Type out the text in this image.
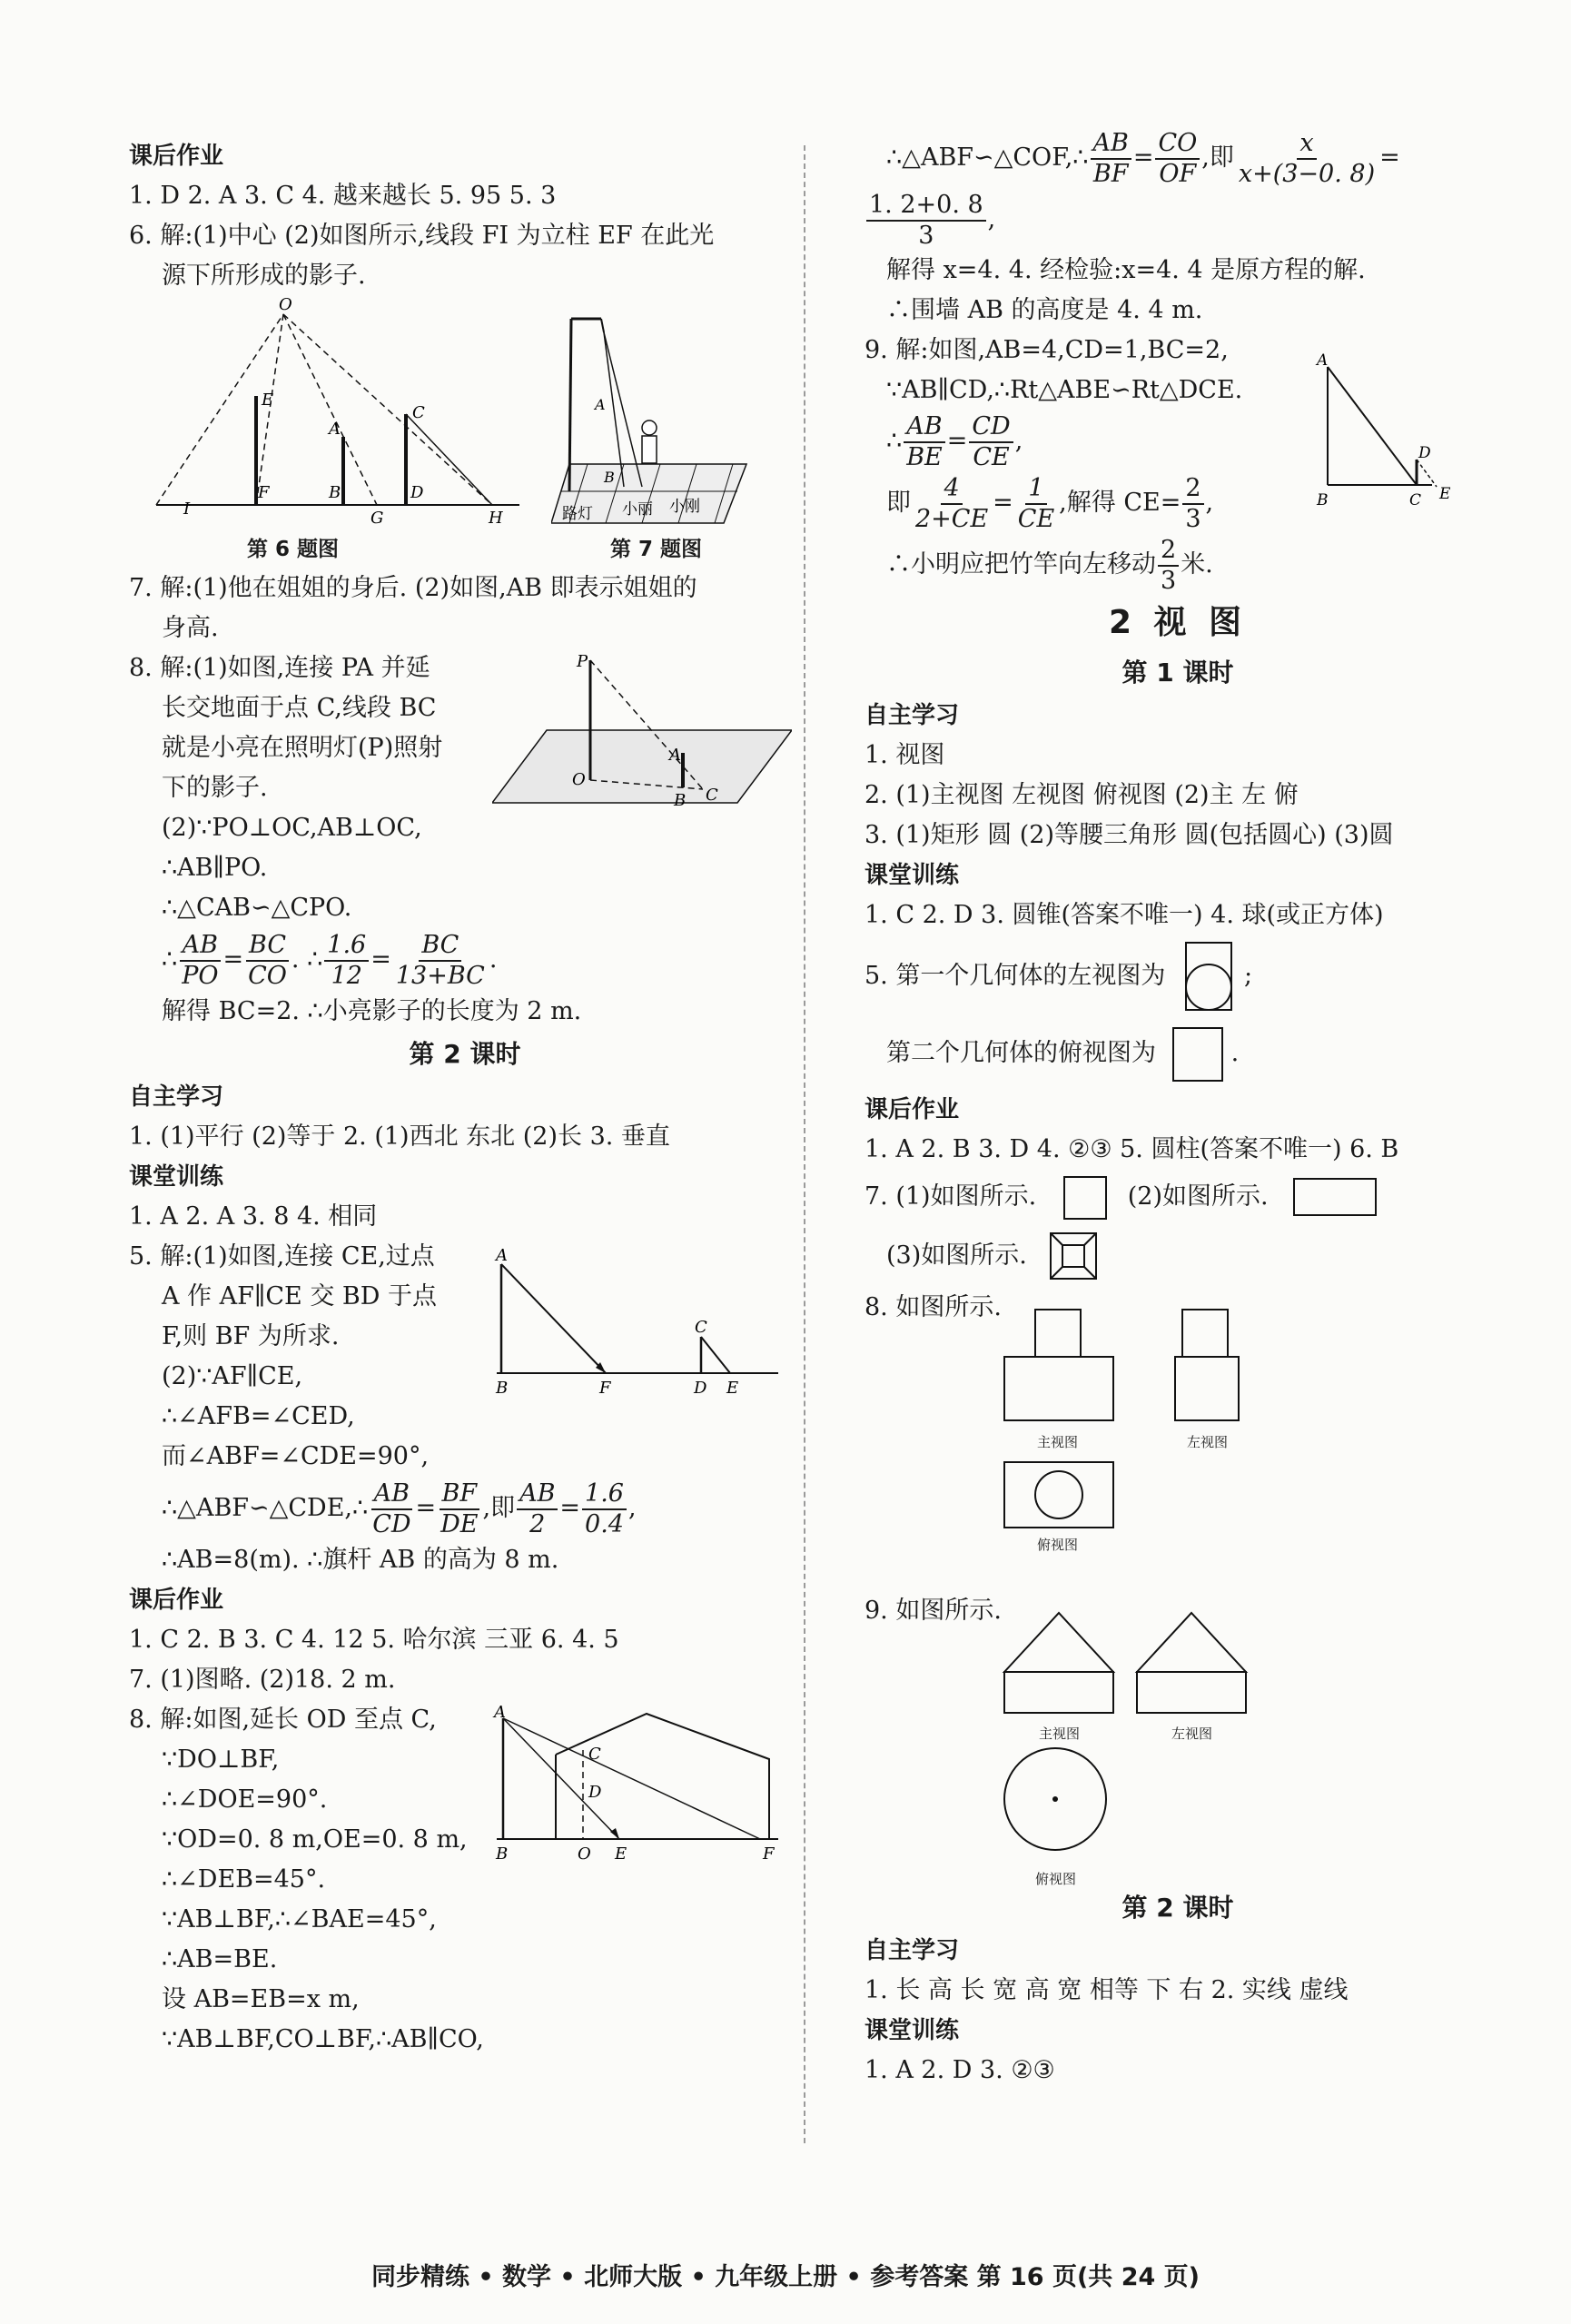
课后作业
1. D 2. A 3. C 4. 越来越长 5. 95 5. 3
6. 解:(1)中心 (2)如图所示,线段 FI 为立柱 EF 在此光
源下所形成的影子.
O
E
A
C
I
F	B
G
D
H
第 6 题图
A
B
路灯 小丽 小刚
第 7 题图
7. 解:(1)他在姐姐的身后. (2)如图,AB 即表示姐姐的
身高.
P
A
O
B C
8. 解:(1)如图,连接 PA 并延
长交地面于点 C,线段 BC
就是小亮在照明灯(P)照射
下的影子.
(2)∵PO⊥OC,AB⊥OC,
∴AB∥PO.
∴△CAB∽△CPO.
∴ $\frac{AB}{PO} = \frac{BC}{CO}$ . ∴ $\frac{1.6}{12} = \frac{BC}{13+BC}$ .
解得 BC=2. ∴小亮影子的长度为 2 m.
第 2 课时
自主学习
1. (1)平行 (2)等于 2. (1)西北 东北 (2)长 3. 垂直
课堂训练
1. A 2. A 3. 8 4. 相同
A
B	F
C
D E
5. 解:(1)如图,连接 CE,过点
A 作 AF∥CE 交 BD 于点
F,则 BF 为所求.
(2)∵AF∥CE,
∴∠AFB=∠CED,
而∠ABF=∠CDE=90°,
∴△ABF∽△CDE,∴ $\frac{AB}{CD} = \frac{BF}{DE}$ ,即 $\frac{AB}{2} = \frac{1.6}{0.4}$ ,
∴AB=8(m). ∴旗杆 AB 的高为 8 m.
课后作业
1. C 2. B 3. C 4. 12 5. 哈尔滨 三亚 6. 4. 5
7. (1)图略. (2)18. 2 m.
A
C
D
B	O E	F
8. 解:如图,延长 OD 至点 C,
∵DO⊥BF,
∴∠DOE=90°.
∵OD=0. 8 m,OE=0. 8 m,
∴∠DEB=45°.
∵AB⊥BF,∴∠BAE=45°,
∴AB=BE.
设 AB=EB=x m,
∵AB⊥BF,CO⊥BF,∴AB∥CO,
∴△ABF∽△COF,∴ $\frac{AB}{BF} = \frac{CO}{OF}$ ,即 $\frac{x}{x+(3-0. 8)}$ =
$\frac{1. 2+0. 8}{3}$ ,
解得 x=4. 4. 经检验:x=4. 4 是原方程的解.
∴围墙 AB 的高度是 4. 4 m.
A
B	C
D
E
9. 解:如图,AB=4,CD=1,BC=2,
∵AB∥CD,∴Rt△ABE∽Rt△DCE.
∴ $\frac{AB}{BE} = \frac{CD}{CE}$ ,
即 $\frac{4}{2+CE} = \frac{1}{CE}$ ,解得 $CE= \frac{2}{3}$ ,
∴小明应把竹竿向左移动 $\frac{2}{3}$ 米.
2 视 图
第 1 课时
自主学习
1. 视图
2. (1)主视图 左视图 俯视图 (2)主 左 俯
3. (1)矩形 圆 (2)等腰三角形 圆(包括圆心) (3)圆
课堂训练
1. C 2. D 3. 圆锥(答案不唯一) 4. 球(或正方体)
5. 第一个几何体的左视图为	;
第二个几何体的俯视图为	.
课后作业
1. A 2. B 3. D 4. ②③ 5. 圆柱(答案不唯一) 6. B
7. (1)如图所示.	(2)如图所示.
(3)如图所示.
8. 如图所示.
主视图	左视图
俯视图
9. 如图所示.
主视图	左视图
俯视图
第 2 课时
自主学习
1. 长 高 长 宽 高 宽 相等 下 右 2. 实线 虚线
课堂训练
1. A 2. D 3. ②③
同步精练 • 数学 • 北师大版 • 九年级上册 • 参考答案 第 16 页(共 24 页)
